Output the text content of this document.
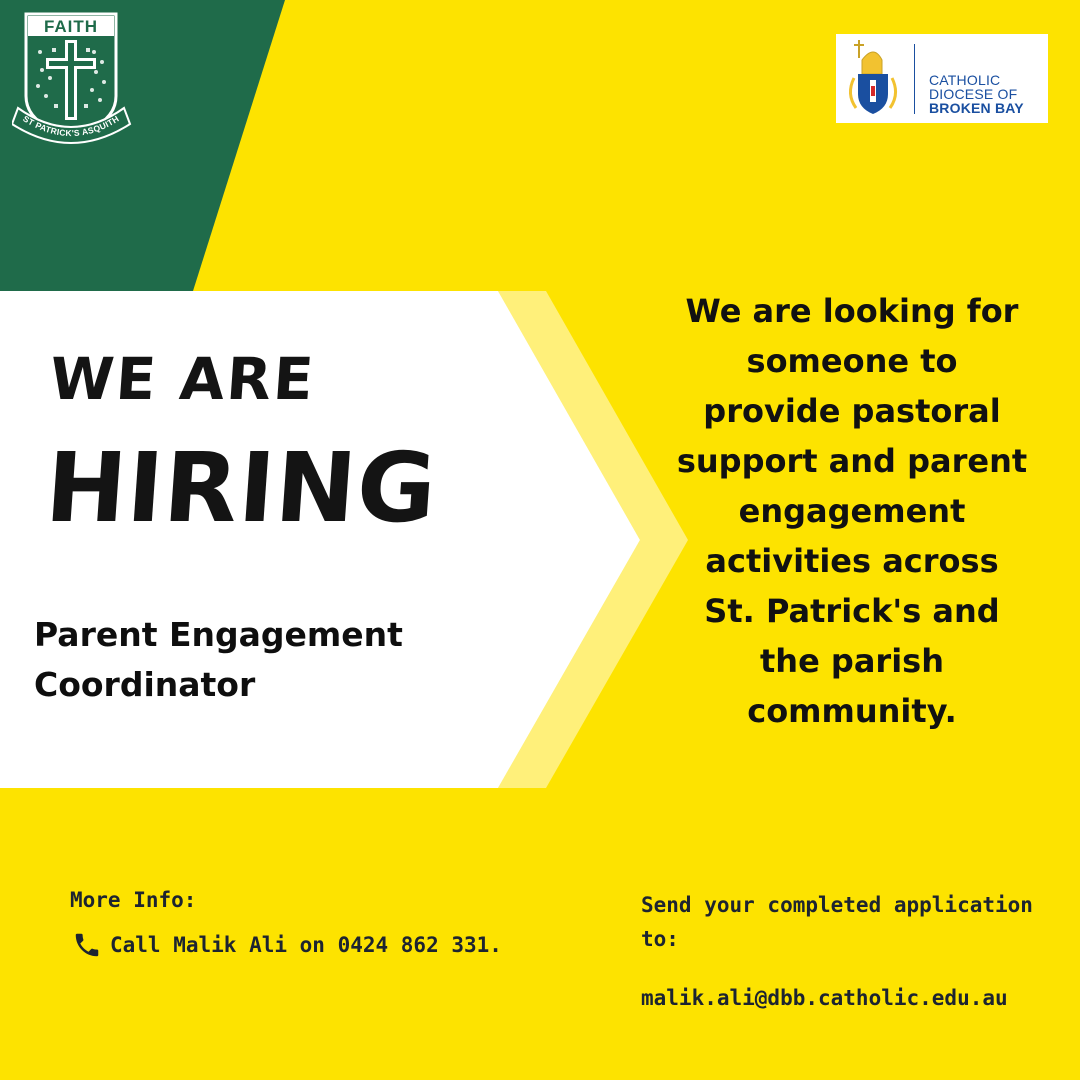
FAITH
ST PATRICK'S ASQUITH
CATHOLIC
DIOCESE OF
BROKEN BAY
WE ARE
HIRING
Parent Engagement
Coordinator
We are looking for someone to provide pastoral support and parent engagement activities across St. Patrick's and the parish community.
More Info:
Call Malik Ali on 0424 862 331.
Send your completed application to:
malik.ali@dbb.catholic.edu.au
